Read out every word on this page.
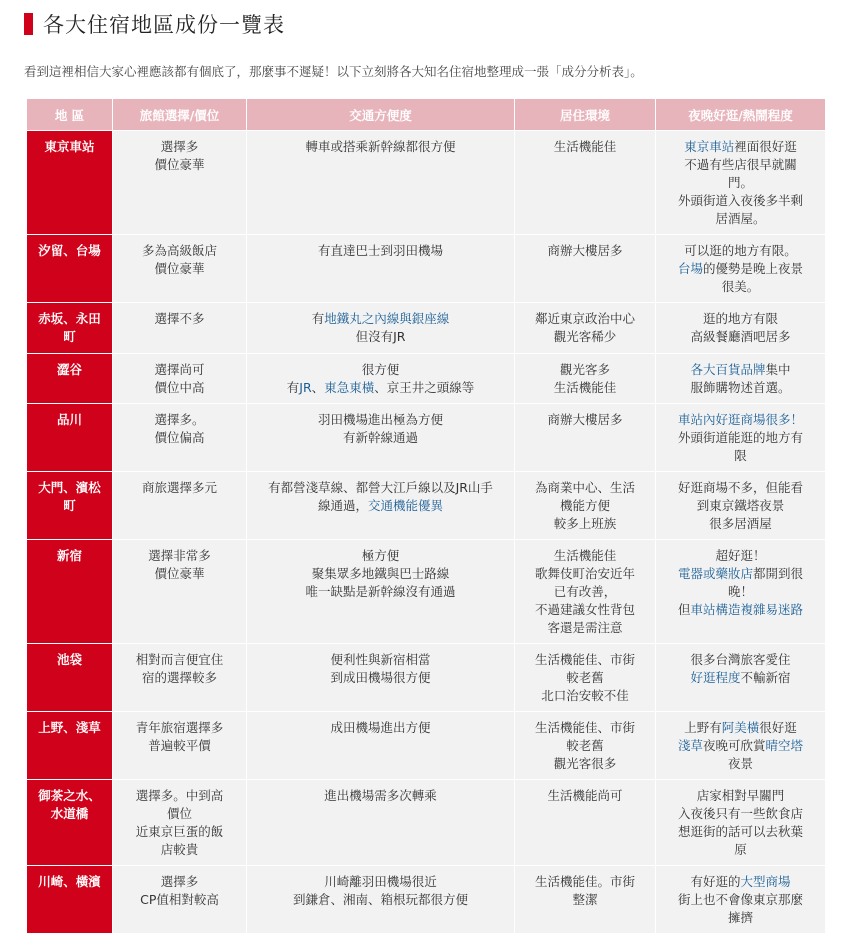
各大住宿地區成份一覽表
看到這裡相信大家心裡應該都有個底了，那麼事不遲疑！以下立刻將各大知名住宿地整理成一張「成分分析表」。
地 區	旅館選擇/價位	交通方便度	居住環境	夜晚好逛/熱鬧程度
東京車站	選擇多
價位豪華	轉車或搭乘新幹線都很方便	生活機能佳	東京車站裡面很好逛
不過有些店很早就關
門。
外頭街道入夜後多半剩
居酒屋。

汐留、台場	多為高級飯店
價位豪華	有直達巴士到羽田機場	商辦大樓居多	可以逛的地方有限。
台場的優勢是晚上夜景
很美。

赤坂、永田町	選擇不多	有地鐵丸之內線與銀座線
但沒有JR	鄰近東京政治中心
觀光客稀少	逛的地方有限
高級餐廳酒吧居多

澀谷	選擇尚可
價位中高	很方便
有JR、東急東橫、京王井之頭線等	觀光客多
生活機能佳	各大百貨品牌集中
服飾購物述首選。

品川	選擇多。
價位偏高	羽田機場進出極為方便
有新幹線通過	商辦大樓居多	車站內好逛商場很多！
外頭街道能逛的地方有
限

大門、濱松町	商旅選擇多元	有都營淺草線、都營大江戶線以及JR山手
線通過，交通機能優異	為商業中心、生活
機能方便
較多上班族	好逛商場不多，但能看
到東京鐵塔夜景
很多居酒屋

新宿	選擇非常多
價位豪華	極方便
聚集眾多地鐵與巴士路線
唯一缺點是新幹線沒有通過	生活機能佳
歌舞伎町治安近年
已有改善，
不過建議女性背包
客還是需注意	超好逛！
電器或藥妝店都開到很
晚！
但車站構造複雜易迷路

池袋	相對而言便宜住
宿的選擇較多	便利性與新宿相當
到成田機場很方便	生活機能佳、市街
較老舊
北口治安較不佳	很多台灣旅客愛住
好逛程度不輸新宿

上野、淺草	青年旅宿選擇多
普遍較平價	成田機場進出方便	生活機能佳、市街
較老舊
觀光客很多	上野有阿美橫很好逛
淺草夜晚可欣賞晴空塔
夜景

御茶之水、水道橋	選擇多。中到高
價位
近東京巨蛋的飯
店較貴	進出機場需多次轉乘	生活機能尚可	店家相對早關門
入夜後只有一些飲食店
想逛街的話可以去秋葉
原

川崎、橫濱	選擇多
CP值相對較高	川崎離羽田機場很近
到鎌倉、湘南、箱根玩都很方便	生活機能佳。市街
整潔	有好逛的大型商場
街上也不會像東京那麼
擁擠
